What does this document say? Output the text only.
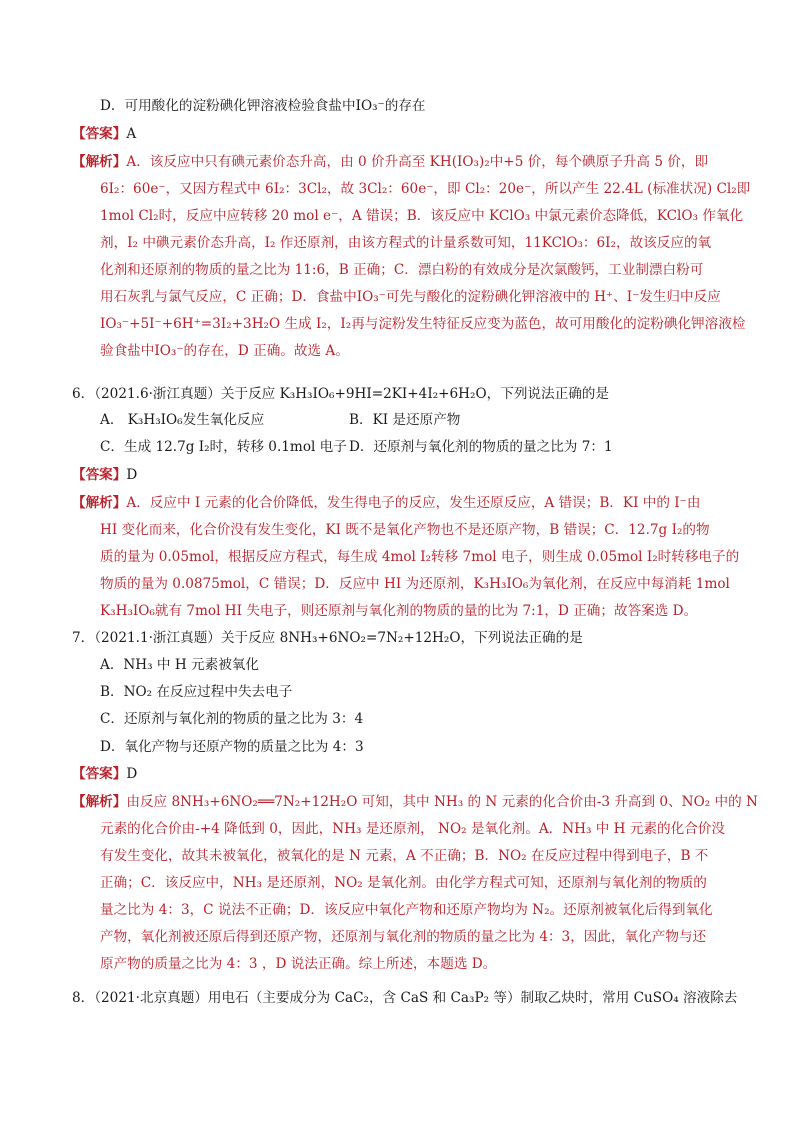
D．可用酸化的淀粉碘化钾溶液检验食盐中IO₃⁻的存在
【答案】A
【解析】A．该反应中只有碘元素价态升高，由 0 价升高至 KH(IO₃)₂中+5 价，每个碘原子升高 5 价，即
6I₂：60e⁻，又因方程式中 6I₂：3Cl₂，故 3Cl₂：60e⁻，即 Cl₂：20e⁻，所以产生 22.4L (标准状况) Cl₂即
1mol Cl₂时，反应中应转移 20 mol e⁻，A 错误；B．该反应中 KClO₃ 中氯元素价态降低，KClO₃ 作氧化
剂，I₂ 中碘元素价态升高，I₂ 作还原剂，由该方程式的计量系数可知，11KClO₃：6I₂，故该反应的氧
化剂和还原剂的物质的量之比为 11:6，B 正确；C．漂白粉的有效成分是次氯酸钙，工业制漂白粉可
用石灰乳与氯气反应，C 正确；D．食盐中IO₃⁻可先与酸化的淀粉碘化钾溶液中的 H⁺、I⁻发生归中反应
IO₃⁻+5I⁻+6H⁺=3I₂+3H₂O 生成 I₂，I₂再与淀粉发生特征反应变为蓝色，故可用酸化的淀粉碘化钾溶液检
验食盐中IO₃⁻的存在，D 正确。故选 A。
6．（2021.6·浙江真题）关于反应 K₃H₃IO₆+9HI=2KI+4I₂+6H₂O，下列说法正确的是
A． K₃H₃IO₆发生氧化反应	B．KI 是还原产物
C．生成 12.7g I₂时，转移 0.1mol 电子 D．还原剂与氧化剂的物质的量之比为 7：1
【答案】D
【解析】A．反应中 I 元素的化合价降低，发生得电子的反应，发生还原反应，A 错误；B．KI 中的 I⁻由
HI 变化而来，化合价没有发生变化，KI 既不是氧化产物也不是还原产物，B 错误；C．12.7g I₂的物
质的量为 0.05mol，根据反应方程式，每生成 4mol I₂转移 7mol 电子，则生成 0.05mol I₂时转移电子的
物质的量为 0.0875mol，C 错误；D．反应中 HI 为还原剂，K₃H₃IO₆为氧化剂，在反应中每消耗 1mol
K₃H₃IO₆就有 7mol HI 失电子，则还原剂与氧化剂的物质的量的比为 7:1，D 正确；故答案选 D。
7．（2021.1·浙江真题）关于反应 8NH₃+6NO₂=7N₂+12H₂O，下列说法正确的是
A．NH₃ 中 H 元素被氧化
B．NO₂ 在反应过程中失去电子
C．还原剂与氧化剂的物质的量之比为 3：4
D．氧化产物与还原产物的质量之比为 4：3
【答案】D
【解析】由反应 8NH₃+6NO₂══7N₂+12H₂O 可知，其中 NH₃ 的 N 元素的化合价由-3 升高到 0、NO₂ 中的 N
元素的化合价由-+4 降低到 0，因此，NH₃ 是还原剂， NO₂ 是氧化剂。A．NH₃ 中 H 元素的化合价没
有发生变化，故其未被氧化，被氧化的是 N 元素，A 不正确；B．NO₂ 在反应过程中得到电子，B 不
正确；C．该反应中，NH₃ 是还原剂，NO₂ 是氧化剂。由化学方程式可知，还原剂与氧化剂的物质的
量之比为 4：3，C 说法不正确；D．该反应中氧化产物和还原产物均为 N₂。还原剂被氧化后得到氧化
产物，氧化剂被还原后得到还原产物，还原剂与氧化剂的物质的量之比为 4：3，因此，氧化产物与还
原产物的质量之比为 4：3 ，D 说法正确。综上所述，本题选 D。
8．（2021·北京真题）用电石（主要成分为 CaC₂，含 CaS 和 Ca₃P₂ 等）制取乙炔时，常用 CuSO₄ 溶液除去
